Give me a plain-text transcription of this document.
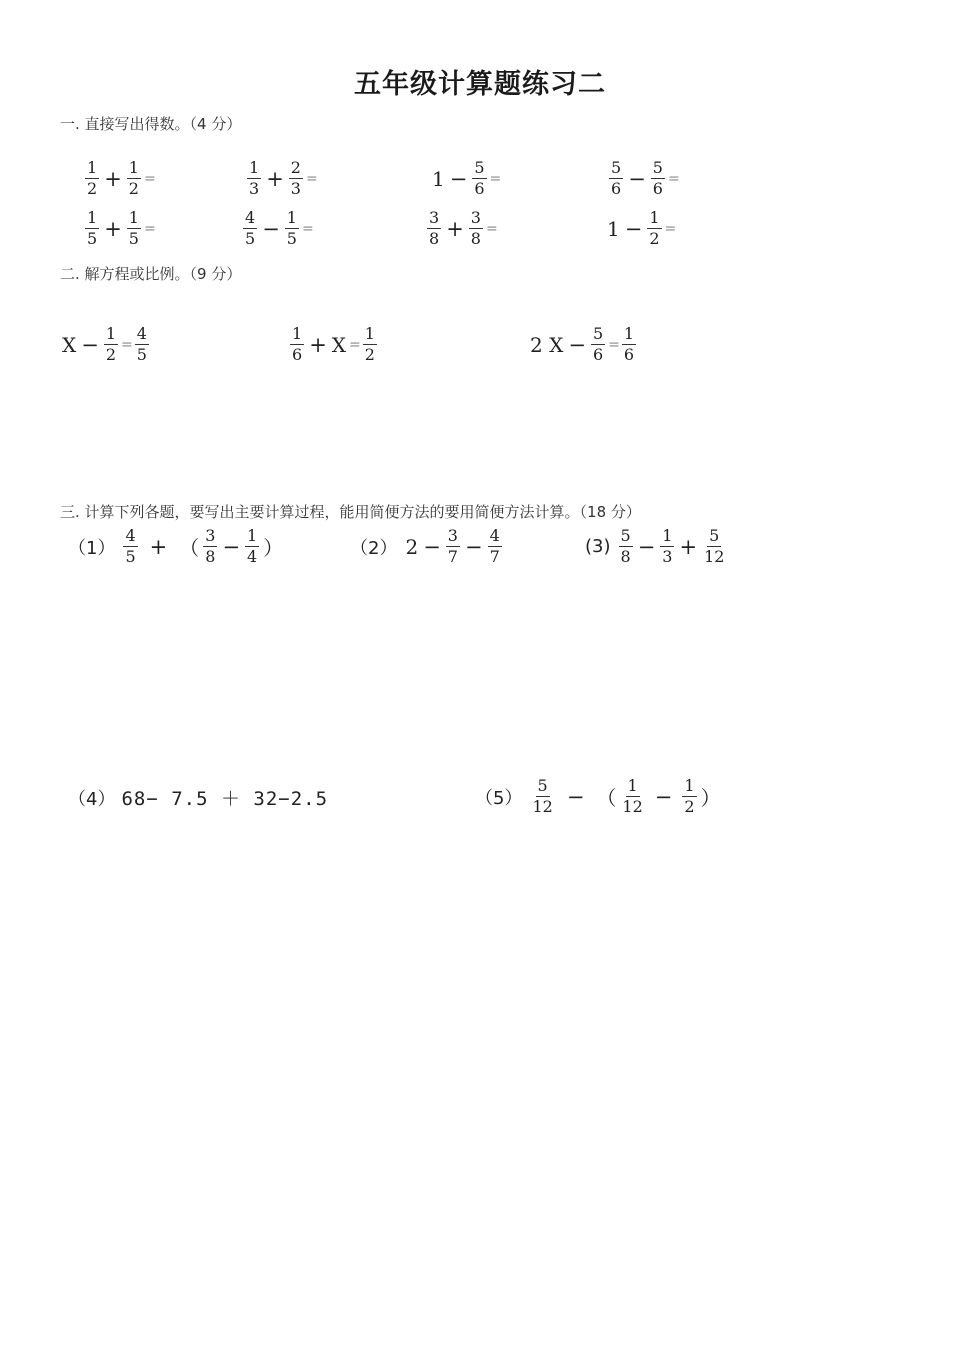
五年级计算题练习二
一. 直接写出得数。（4 分）
$\frac{1}{2} + \frac{1}{2}$ =	$\frac{1}{3} + \frac{2}{3}$ =	$1 - \frac{5}{6}$ =	$\frac{5}{6} - \frac{5}{6}$ =
$\frac{1}{5} + \frac{1}{5}$ =	$\frac{4}{5} - \frac{1}{5}$ =	$\frac{3}{8} + \frac{3}{8}$ =	$1 - \frac{1}{2}$ =
二. 解方程或比例。（9 分）
$X - \frac{1}{2} = \frac{4}{5}$	$\frac{1}{6} + X = \frac{1}{2}$	2 $X - \frac{5}{6} = \frac{1}{6}$
三. 计算下列各题，要写出主要计算过程，能用简便方法的要用简便方法计算。（18 分）
$(1) \frac{4}{5}$ + （ $\frac{3}{8} - \frac{1}{4}$ ）	（2） $2 - \frac{3}{7} - \frac{4}{7}$	$(3) \frac{5}{8} - \frac{1}{3} + \frac{5}{12}$
（4） 68− 7.5 ＋ 32−2.5	$(5) \frac{5}{12}$ − （ $\frac{1}{12} - \frac{1}{2}$ ）
